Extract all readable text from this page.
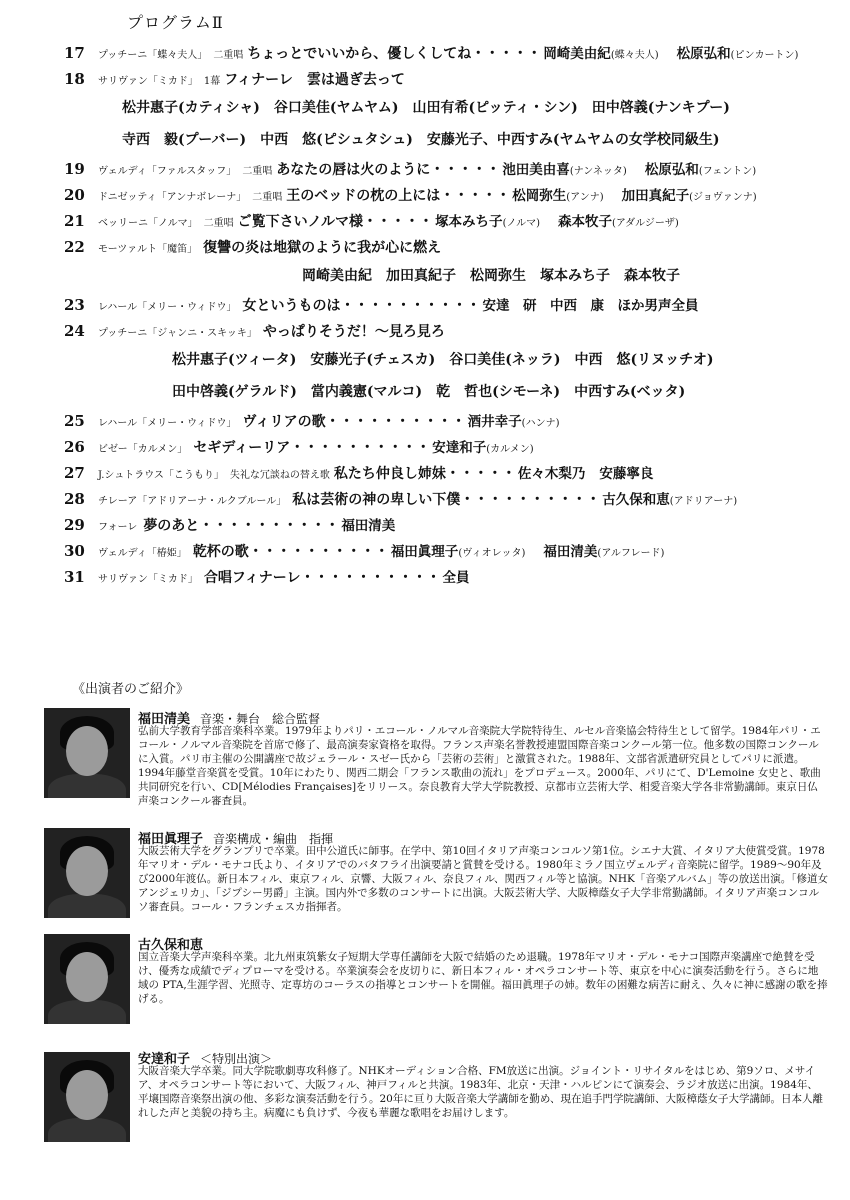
プログラムⅡ
17	プッチーニ「蝶々夫人」 二重唱 ちょっとでいいから、優しくしてね・・・・・ 岡崎美由紀 (蝶々夫人) 松原弘和 (ピンカートン)
18	サリヴァン「ミカド」 1幕 フィナーレ　雲は過ぎ去って
松井惠子(カティシャ)　谷口美佳(ヤムヤム)　山田有希(ピッティ・シン)　田中啓義(ナンキプー)
寺西　毅(プーバー)　中西　悠(ピシュタシュ)　安藤光子、中西すみ(ヤムヤムの女学校同級生)
19	ヴェルディ「ファルスタッフ」 二重唱 あなたの唇は火のように・・・・・ 池田美由喜 (ナンネッタ) 松原弘和 (フェントン)
20	ドニゼッティ「アンナボレーナ」 二重唱 王のベッドの枕の上には・・・・・ 松岡弥生 (アンナ) 加田真紀子 (ジョヴァンナ)
21	ベッリーニ「ノルマ」 二重唱 ご覧下さいノルマ様・・・・・ 塚本みち子 (ノルマ) 森本牧子 (アダルジーザ)
22	モーツァルト「魔笛」 復讐の炎は地獄のように我が心に燃え
岡崎美由紀　加田真紀子　松岡弥生　塚本みち子　森本牧子
23	レハール「メリー・ウィドウ」 女というものは・・・・・・・・・・ 安達　研　中西　康　ほか男声全員
24	プッチーニ「ジャンニ・スキッキ」 やっぱりそうだ！～見ろ見ろ
松井惠子(ツィータ)　安藤光子(チェスカ)　谷口美佳(ネッラ)　中西　悠(リヌッチオ)
田中啓義(ゲラルド)　當内義憲(マルコ)　乾　哲也(シモーネ)　中西すみ(ベッタ)
25	レハール「メリー・ウィドウ」 ヴィリアの歌・・・・・・・・・・ 酒井幸子 (ハンナ)
26	ビゼー「カルメン」 セギディーリア・・・・・・・・・・ 安達和子 (カルメン)
27	J.シュトラウス「こうもり」 失礼な冗談ねの替え歌 私たち仲良し姉妹・・・・・ 佐々木梨乃 安藤寧良
28	チレーア「アドリアーナ・ルクブルール」 私は芸術の神の卑しい下僕・・・・・・・・・・ 古久保和恵 (アドリアーナ)
29	フォーレ 夢のあと・・・・・・・・・・ 福田清美
30	ヴェルディ「椿姫」 乾杯の歌・・・・・・・・・・ 福田眞理子 (ヴィオレッタ) 福田清美 (アルフレード)
31	サリヴァン「ミカド」 合唱フィナーレ・・・・・・・・・・ 全員
《出演者のご紹介》
福田清美 音楽・舞台　総合監督
弘前大学教育学部音楽科卒業。1979年よりパリ・エコール・ノルマル音楽院大学院特待生、ルセル音楽協会特待生として留学。1984年パリ・エコール・ノルマル音楽院を首席で修了、最高演奏家資格を取得。フランス声楽名誉教授連盟国際音楽コンクール第一位。他多数の国際コンクールに入賞。パリ市主催の公開講座で故ジェラール・スゼー氏から「芸術の芸術」と激賞された。1988年、文部省派遣研究員としてパリに派遣。1994年藤堂音楽賞を受賞。10年にわたり、関西二期会「フランス歌曲の流れ」をプロデュース。2000年、パリにて、D'Lemoine 女史と、歌曲共同研究を行い、CD[Mélodies Françaises]をリリース。奈良教育大学大学院教授、京都市立芸術大学、相愛音楽大学各非常勤講師。東京日仏声楽コンクール審査員。
福田眞理子 音楽構成・編曲　指揮
大阪芸術大学をグランプリで卒業。田中公道氏に師事。在学中、第10回イタリア声楽コンコルソ第1位。シエナ大賞、イタリア大使賞受賞。1978年マリオ・デル・モナコ氏より、イタリアでのバタフライ出演要請と賞賛を受ける。1980年ミラノ国立ヴェルディ音楽院に留学。1989～90年及び2000年渡仏。新日本フィル、東京フィル、京響、大阪フィル、奈良フィル、関西フィル等と協演。NHK「音楽アルバム」等の放送出演。「修道女アンジェリカ」、「ジプシー男爵」主演。国内外で多数のコンサートに出演。大阪芸術大学、大阪樟蔭女子大学非常勤講師。イタリア声楽コンコルソ審査員。コール・フランチェスカ指揮者。
古久保和恵
国立音楽大学声楽科卒業。北九州東筑紫女子短期大学専任講師を大阪で結婚のため退職。1978年マリオ・デル・モナコ国際声楽講座で絶賛を受け、優秀な成績でディプローマを受ける。卒業演奏会を皮切りに、新日本フィル・オペラコンサート等、東京を中心に演奏活動を行う。さらに地域の PTA,生涯学習、光照寺、定専坊のコーラスの指導とコンサートを開催。福田眞理子の姉。数年の困難な病苦に耐え、久々に神に感謝の歌を捧げる。
安達和子 ＜特別出演＞
大阪音楽大学卒業。同大学院歌劇専攻科修了。NHKオーディション合格、FM放送に出演。ジョイント・リサイタルをはじめ、第9ソロ、メサイア、オペラコンサート等において、大阪フィル、神戸フィルと共演。1983年、北京・天津・ハルピンにて演奏会、ラジオ放送に出演。1984年、平壌国際音楽祭出演の他、多彩な演奏活動を行う。20年に亘り大阪音楽大学講師を勤め、現在追手門学院講師、大阪樟蔭女子大学講師。日本人離れした声と美貌の持ち主。病魔にも負けず、今夜も華麗な歌唱をお届けします。
